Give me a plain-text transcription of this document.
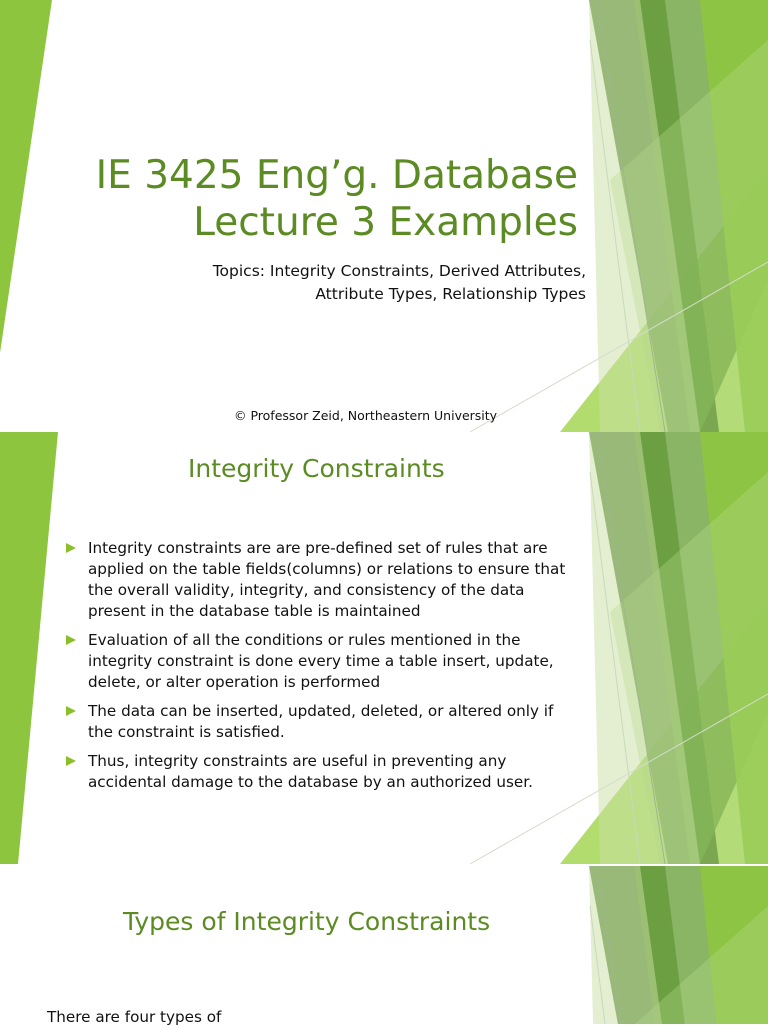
IE 3425 Eng’g. Database
Lecture 3 Examples
Topics: Integrity Constraints, Derived Attributes,
Attribute Types, Relationship Types
© Professor Zeid, Northeastern University
Integrity Constraints
Integrity constraints are are pre-defined set of rules that are
applied on the table fields(columns) or relations to ensure that
the overall validity, integrity, and consistency of the data
present in the database table is maintained
Evaluation of all the conditions or rules mentioned in the
integrity constraint is done every time a table insert, update,
delete, or alter operation is performed
The data can be inserted, updated, deleted, or altered only if
the constraint is satisfied.
Thus, integrity constraints are useful in preventing any
accidental damage to the database by an authorized user.
Types of Integrity Constraints
There are four types of
